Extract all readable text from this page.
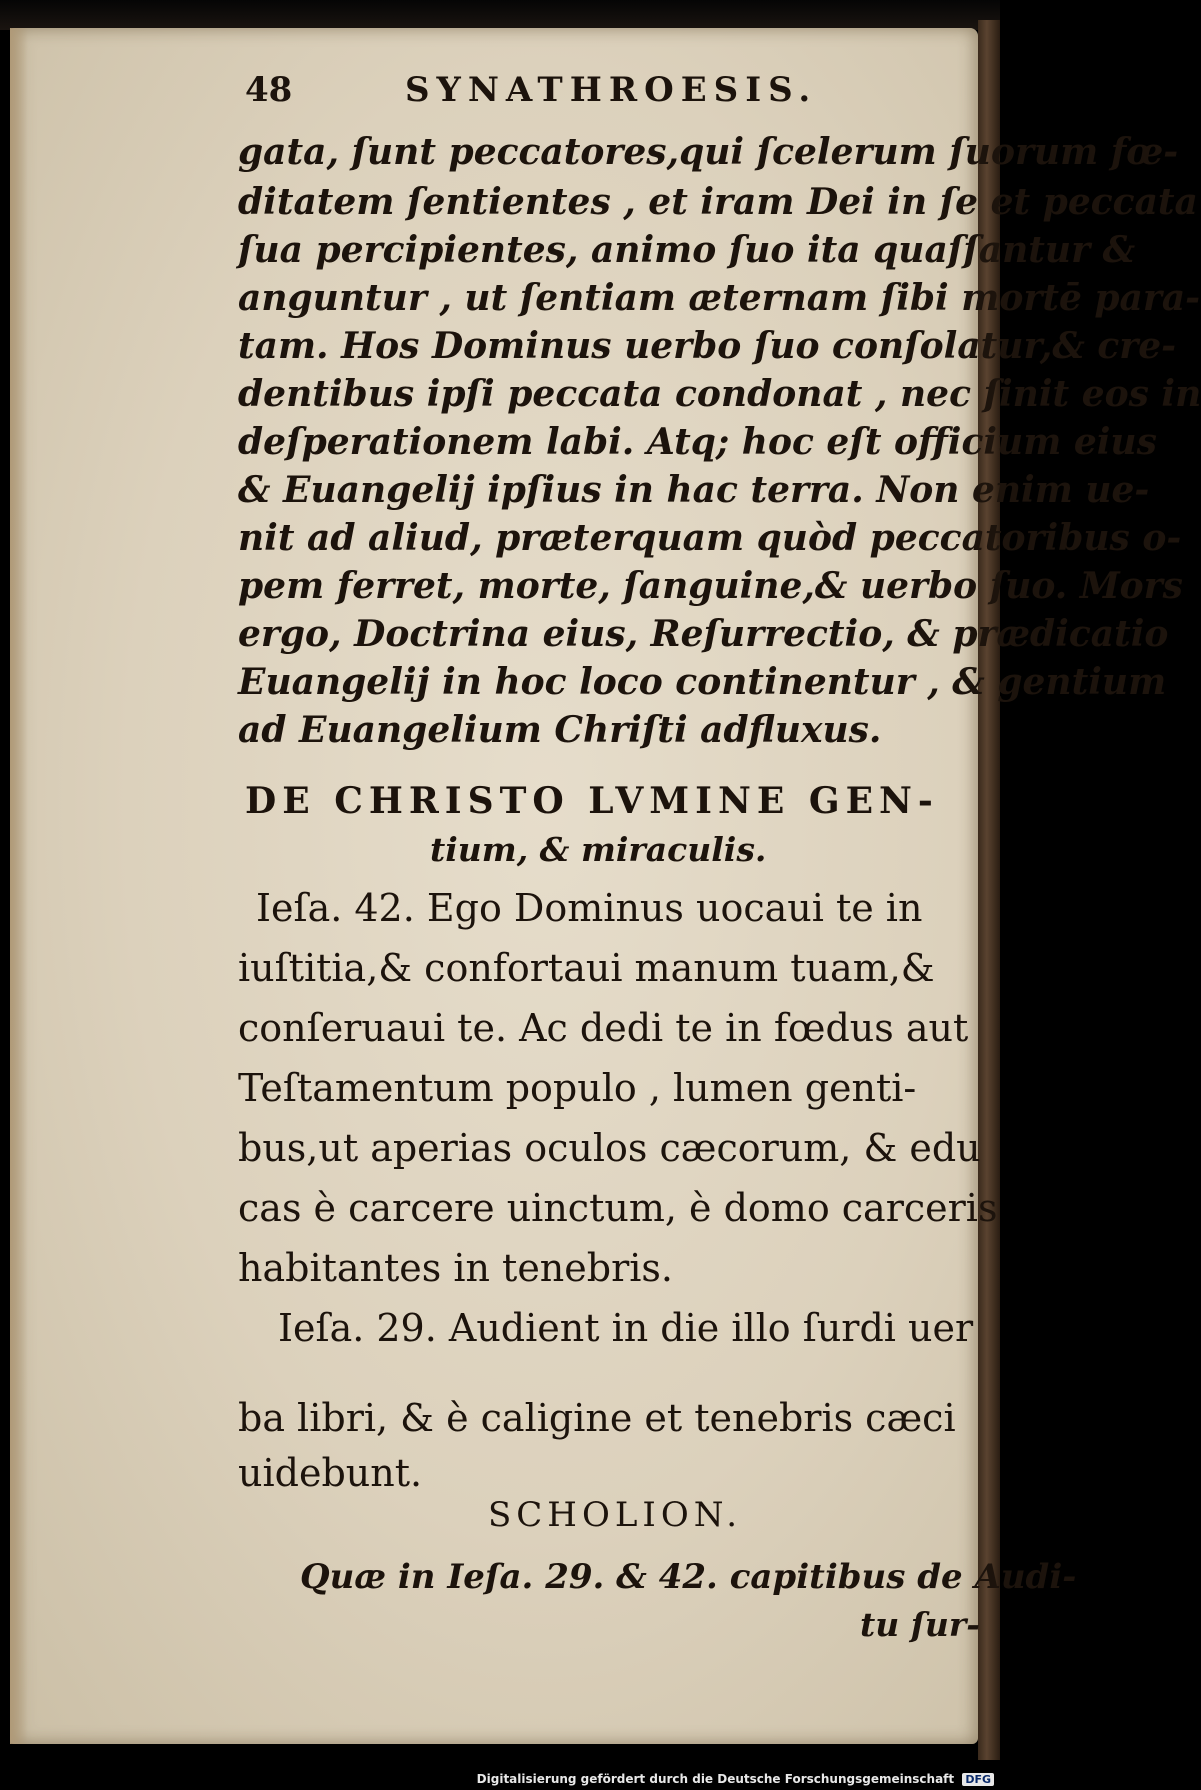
48	SYNATHROESIS.
gata, ſunt peccatores,qui ſcelerum ſuorum fœ-
ditatem ſentientes , et iram Dei in ſe et peccata
ſua percipientes, animo ſuo ita quaſſantur &
anguntur , ut ſentiam æternam ſibi mortē para-
tam. Hos Dominus uerbo ſuo conſolatur,& cre-
dentibus ipſi peccata condonat , nec ſinit eos in
deſperationem labi. Atq; hoc eſt officium eius
& Euangelij ipſius in hac terra. Non enim ue-
nit ad aliud, præterquam quòd peccatoribus o-
pem ferret, morte, ſanguine,& uerbo ſuo. Mors
ergo, Doctrina eius, Reſurrectio, & prædicatio
Euangelij in hoc loco continentur , & gentium
ad Euangelium Chriſti adfluxus.
DE CHRISTO LVMINE GEN-
tium, & miraculis.
Ieſa. 42. Ego Dominus uocaui te in
iuſtitia,& confortaui manum tuam,&
conſeruaui te. Ac dedi te in fœdus aut
Teſtamentum populo , lumen genti-
bus,ut aperias oculos cæcorum, & edu
cas è carcere uinctum, è domo carceris
habitantes in tenebris.
Ieſa. 29. Audient in die illo ſurdi uer
ba libri, & è caligine et tenebris cæci
uidebunt.
SCHOLION.
Quæ in Ieſa. 29. & 42. capitibus de Audi-
tu ſur-
Digitalisierung gefördert durch die Deutsche Forschungsgemeinschaft DFG
